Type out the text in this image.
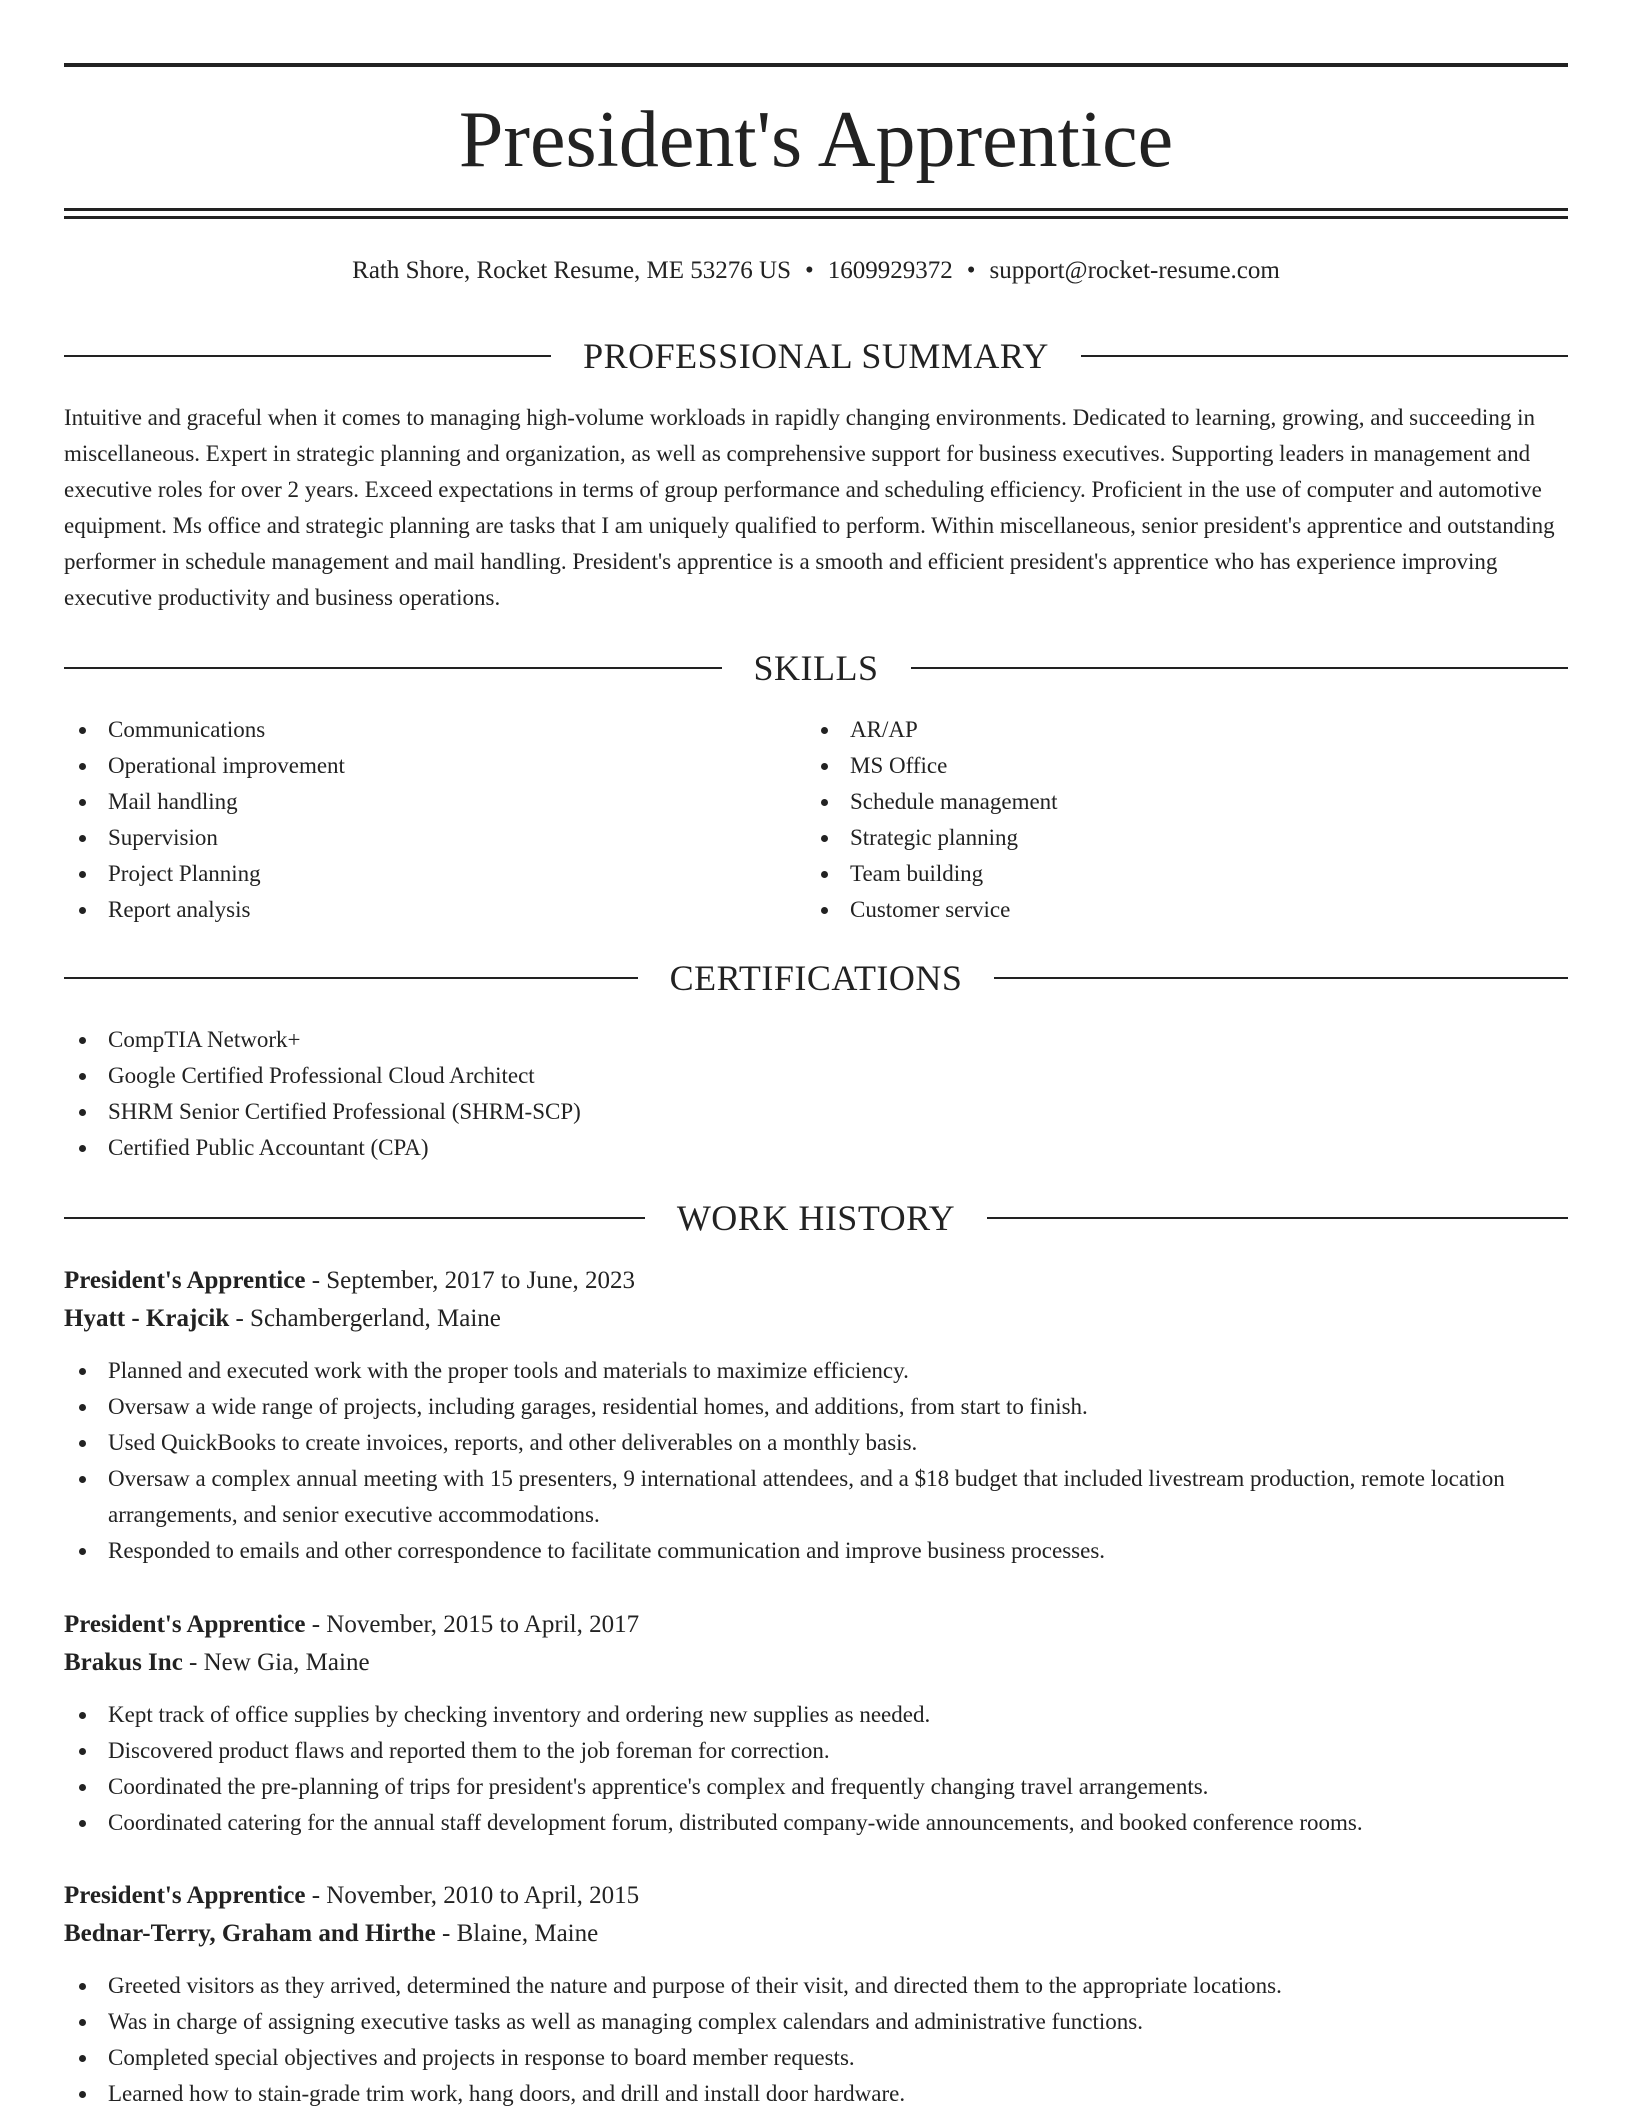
President's Apprentice
Rath Shore, Rocket Resume, ME 53276 US • 1609929372 • support@rocket-resume.com
PROFESSIONAL SUMMARY

Intuitive and graceful when it comes to managing high-volume workloads in rapidly changing environments. Dedicated to learning, growing, and succeeding in miscellaneous. Expert in strategic planning and organization, as well as comprehensive support for business executives. Supporting leaders in management and executive roles for over 2 years. Exceed expectations in terms of group performance and scheduling efficiency. Proficient in the use of computer and automotive equipment. Ms office and strategic planning are tasks that I am uniquely qualified to perform. Within miscellaneous, senior president's apprentice and outstanding performer in schedule management and mail handling. President's apprentice is a smooth and efficient president's apprentice who has experience improving executive productivity and business operations.

SKILLS
Communications
Operational improvement
Mail handling
Supervision
Project Planning
Report analysis
AR/AP
MS Office
Schedule management
Strategic planning
Team building
Customer service
CERTIFICATIONS
CompTIA Network+
Google Certified Professional Cloud Architect
SHRM Senior Certified Professional (SHRM-SCP)
Certified Public Accountant (CPA)
WORK HISTORY
President's Apprentice - September, 2017 to June, 2023
Hyatt - Krajcik - Schambergerland, Maine
Planned and executed work with the proper tools and materials to maximize efficiency.
Oversaw a wide range of projects, including garages, residential homes, and additions, from start to finish.
Used QuickBooks to create invoices, reports, and other deliverables on a monthly basis.
Oversaw a complex annual meeting with 15 presenters, 9 international attendees, and a $18 budget that included livestream production, remote location arrangements, and senior executive accommodations.
Responded to emails and other correspondence to facilitate communication and improve business processes.
President's Apprentice - November, 2015 to April, 2017
Brakus Inc - New Gia, Maine
Kept track of office supplies by checking inventory and ordering new supplies as needed.
Discovered product flaws and reported them to the job foreman for correction.
Coordinated the pre-planning of trips for president's apprentice's complex and frequently changing travel arrangements.
Coordinated catering for the annual staff development forum, distributed company-wide announcements, and booked conference rooms.
President's Apprentice - November, 2010 to April, 2015
Bednar-Terry, Graham and Hirthe - Blaine, Maine
Greeted visitors as they arrived, determined the nature and purpose of their visit, and directed them to the appropriate locations.
Was in charge of assigning executive tasks as well as managing complex calendars and administrative functions.
Completed special objectives and projects in response to board member requests.
Learned how to stain-grade trim work, hang doors, and drill and install door hardware.
